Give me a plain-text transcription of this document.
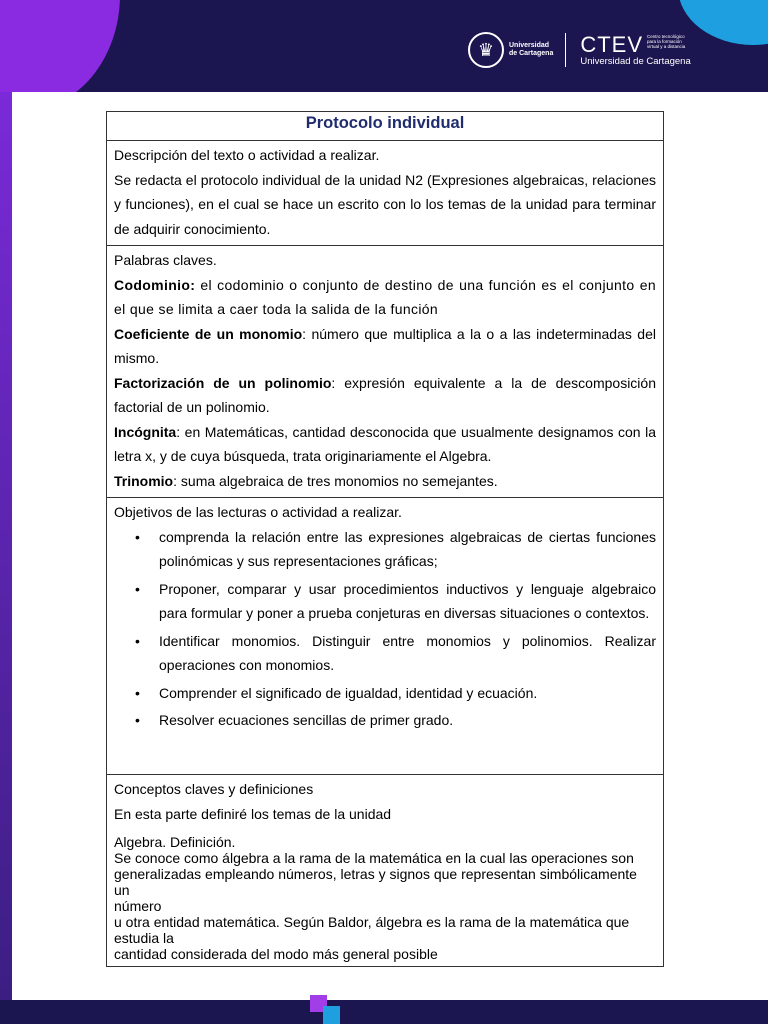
♛	Universidad
de Cartagena CTEV Centro tecnológico para la formación virtual y a distancia
Universidad de Cartagena
Protocolo individual

Descripción del texto o actividad a realizar.

Se redacta el protocolo individual de la unidad N2 (Expresiones algebraicas, relaciones y funciones), en el cual se hace un escrito con lo los temas de la unidad para terminar de adquirir conocimiento.

Palabras claves.

Codominio: el codominio o conjunto de destino de una función es el conjunto en el que se limita a caer toda la salida de la función

Coeficiente de un monomio: número que multiplica a la o a las indeterminadas del mismo.

Factorización de un polinomio: expresión equivalente a la de descomposición factorial de un polinomio.

Incógnita: en Matemáticas, cantidad desconocida que usualmente designamos con la letra x, y de cuya búsqueda, trata originariamente el Algebra.

Trinomio: suma algebraica de tres monomios no semejantes.

Objetivos de las lecturas o actividad a realizar.

• comprenda la relación entre las expresiones algebraicas de ciertas funciones polinómicas y sus representaciones gráficas;
• Proponer, comparar y usar procedimientos inductivos y lenguaje algebraico para formular y poner a prueba conjeturas en diversas situaciones o contextos.
• Identificar monomios. Distinguir entre monomios y polinomios. Realizar operaciones con monomios.
• Comprender el significado de igualdad, identidad y ecuación.
• Resolver ecuaciones sencillas de primer grado.

Conceptos claves y definiciones

En esta parte definiré los temas de la unidad

Algebra. Definición.

Se conoce como álgebra a la rama de la matemática en la cual las operaciones son

generalizadas empleando números, letras y signos que representan simbólicamente un

número

u otra entidad matemática. Según Baldor, álgebra es la rama de la matemática que

estudia la

cantidad considerada del modo más general posible
